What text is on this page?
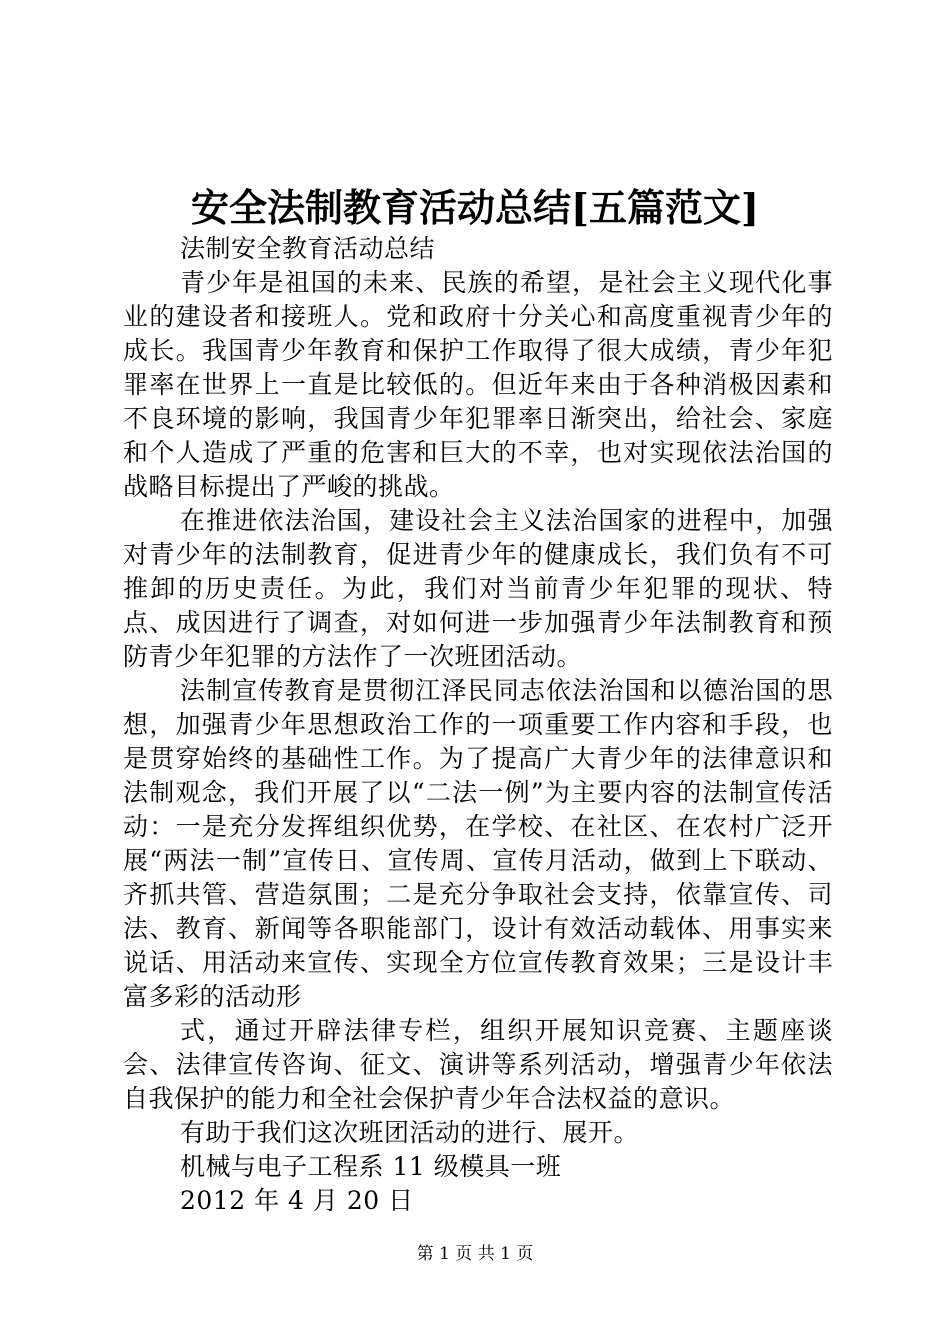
安全法制教育活动总结[五篇范文]

法制安全教育活动总结

青少年是祖国的未来、民族的希望，是社会主义现代化事业的建设者和接班人。党和政府十分关心和高度重视青少年的成长。我国青少年教育和保护工作取得了很大成绩，青少年犯罪率在世界上一直是比较低的。但近年来由于各种消极因素和不良环境的影响，我国青少年犯罪率日渐突出，给社会、家庭和个人造成了严重的危害和巨大的不幸，也对实现依法治国的战略目标提出了严峻的挑战。

在推进依法治国，建设社会主义法治国家的进程中，加强对青少年的法制教育，促进青少年的健康成长，我们负有不可推卸的历史责任。为此，我们对当前青少年犯罪的现状、特点、成因进行了调查，对如何进一步加强青少年法制教育和预防青少年犯罪的方法作了一次班团活动。

法制宣传教育是贯彻江泽民同志依法治国和以德治国的思想，加强青少年思想政治工作的一项重要工作内容和手段，也是贯穿始终的基础性工作。为了提高广大青少年的法律意识和法制观念，我们开展了以“二法一例”为主要内容的法制宣传活动：一是充分发挥组织优势，在学校、在社区、在农村广泛开展“两法一制”宣传日、宣传周、宣传月活动，做到上下联动、齐抓共管、营造氛围；二是充分争取社会支持，依靠宣传、司法、教育、新闻等各职能部门，设计有效活动载体、用事实来说话、用活动来宣传、实现全方位宣传教育效果；三是设计丰富多彩的活动形

式，通过开辟法律专栏，组织开展知识竞赛、主题座谈会、法律宣传咨询、征文、演讲等系列活动，增强青少年依法自我保护的能力和全社会保护青少年合法权益的意识。

有助于我们这次班团活动的进行、展开。

机械与电子工程系 11 级模具一班

2012 年 4 月 20 日

第 1 页 共 1 页
